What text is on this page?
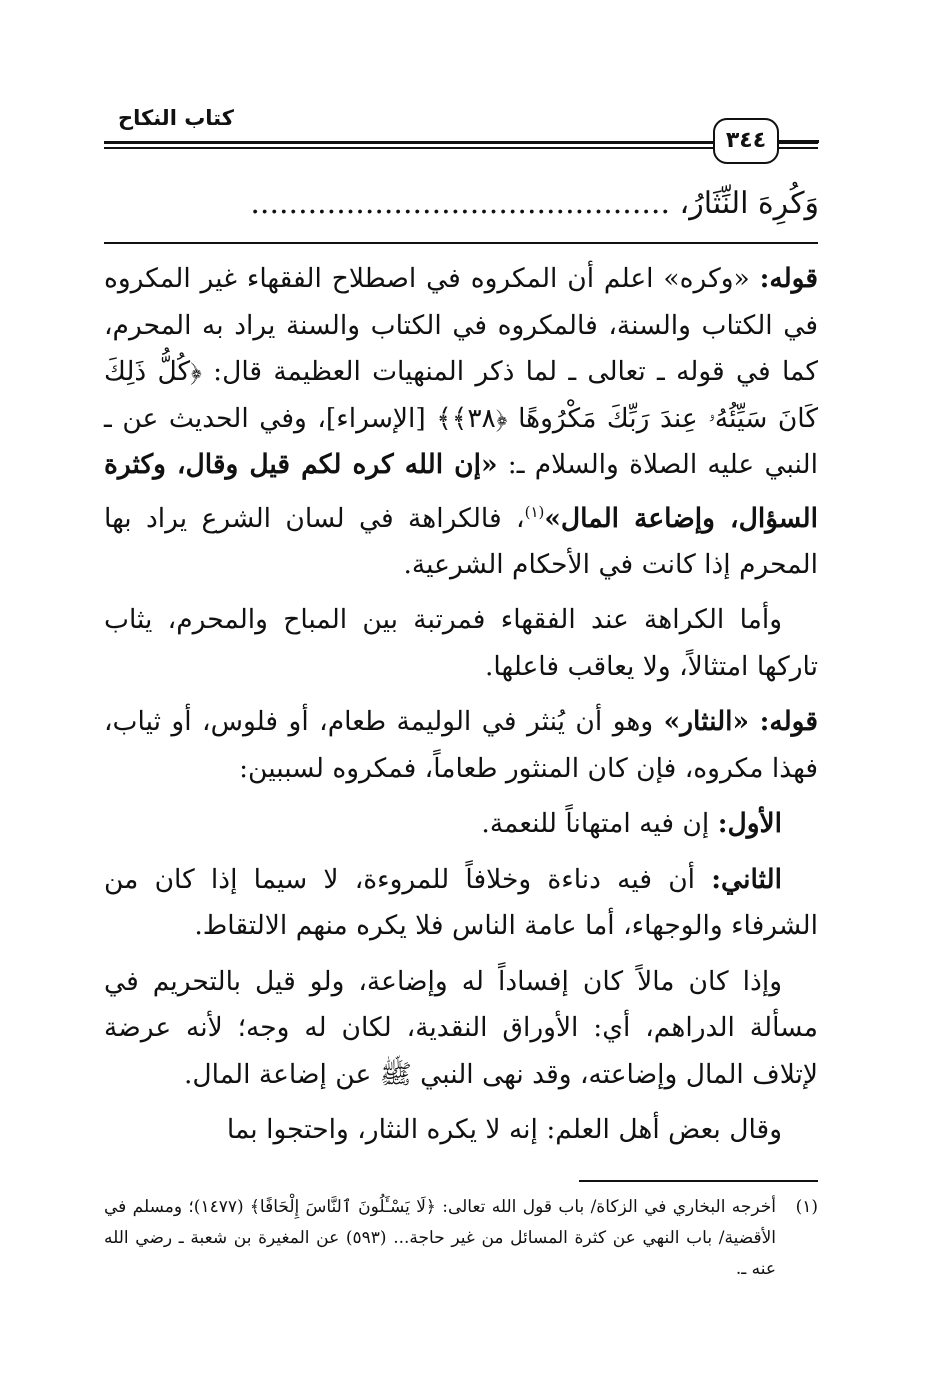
كتاب النكاح
٣٤٤
وَكُرِهَ النِّثَارُ، ............................................

قوله: «وكره» اعلم أن المكروه في اصطلاح الفقهاء غير المكروه في الكتاب والسنة، فالمكروه في الكتاب والسنة يراد به المحرم، كما في قوله ـ تعالى ـ لما ذكر المنهيات العظيمة قال: ﴿كُلُّ ذَلِكَ كَانَ سَيِّئُهُۥ عِندَ رَبِّكَ مَكْرُوهًا ﴿٣٨﴾﴾ [الإسراء]، وفي الحديث عن ـ النبي عليه الصلاة والسلام ـ: «إن الله كره لكم قيل وقال، وكثرة السؤال، وإضاعة المال»$^{(١)}$، فالكراهة في لسان الشرع يراد بها المحرم إذا كانت في الأحكام الشرعية.

وأما الكراهة عند الفقهاء فمرتبة بين المباح والمحرم، يثاب تاركها امتثالاً، ولا يعاقب فاعلها.

قوله: «النثار» وهو أن يُنثر في الوليمة طعام، أو فلوس، أو ثياب، فهذا مكروه، فإن كان المنثور طعاماً، فمكروه لسببين:

الأول: إن فيه امتهاناً للنعمة.

الثاني: أن فيه دناءة وخلافاً للمروءة، لا سيما إذا كان من الشرفاء والوجهاء، أما عامة الناس فلا يكره منهم الالتقاط.

وإذا كان مالاً كان إفساداً له وإضاعة، ولو قيل بالتحريم في مسألة الدراهم، أي: الأوراق النقدية، لكان له وجه؛ لأنه عرضة لإتلاف المال وإضاعته، وقد نهى النبي ﷺ عن إضاعة المال.

وقال بعض أهل العلم: إنه لا يكره النثار، واحتجوا بما

(١)
أخرجه البخاري في الزكاة/ باب قول الله تعالى: ﴿لَا يَسْـَٔلُونَ ٱلنَّاسَ إِلْحَافًا﴾ (١٤٧٧)؛ ومسلم في الأقضية/ باب النهي عن كثرة المسائل من غير حاجة... (٥٩٣) عن المغيرة بن شعبة ـ رضي الله عنه ـ.
